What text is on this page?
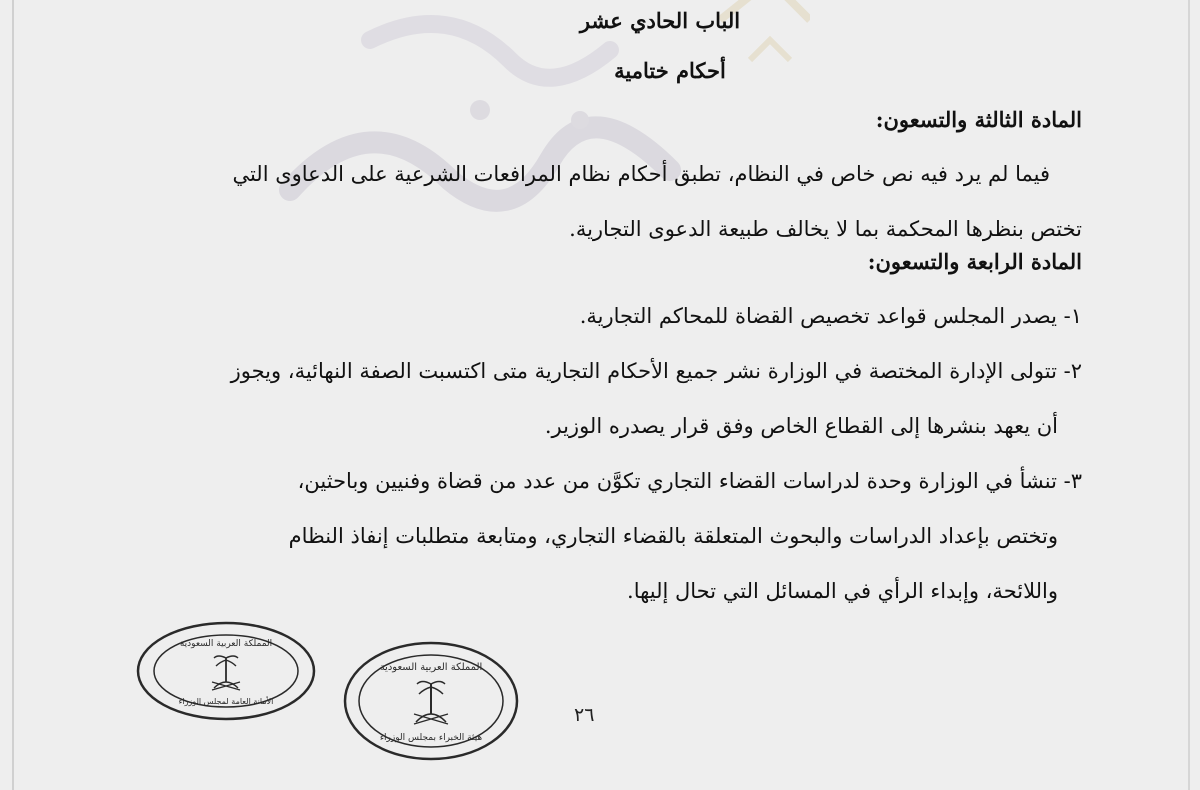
الباب الحادي عشر
أحكام ختامية
المادة الثالثة والتسعون:
فيما لم يرد فيه نص خاص في النظام، تطبق أحكام نظام المرافعات الشرعية على الدعاوى التي
تختص بنظرها المحكمة بما لا يخالف طبيعة الدعوى التجارية.
المادة الرابعة والتسعون:
١- يصدر المجلس قواعد تخصيص القضاة للمحاكم التجارية.
٢- تتولى الإدارة المختصة في الوزارة نشر جميع الأحكام التجارية متى اكتسبت الصفة النهائية، ويجوز
أن يعهد بنشرها إلى القطاع الخاص وفق قرار يصدره الوزير.
٣- تنشأ في الوزارة وحدة لدراسات القضاء التجاري تكوَّن من عدد من قضاة وفنيين وباحثين،
وتختص بإعداد الدراسات والبحوث المتعلقة بالقضاء التجاري، ومتابعة متطلبات إنفاذ النظام
واللائحة، وإبداء الرأي في المسائل التي تحال إليها.
المملكة العربية السعودية
الأمانة العامة لمجلس الوزراء
المملكة العربية السعودية
هيئة الخبراء بمجلس الوزراء
٢٦
